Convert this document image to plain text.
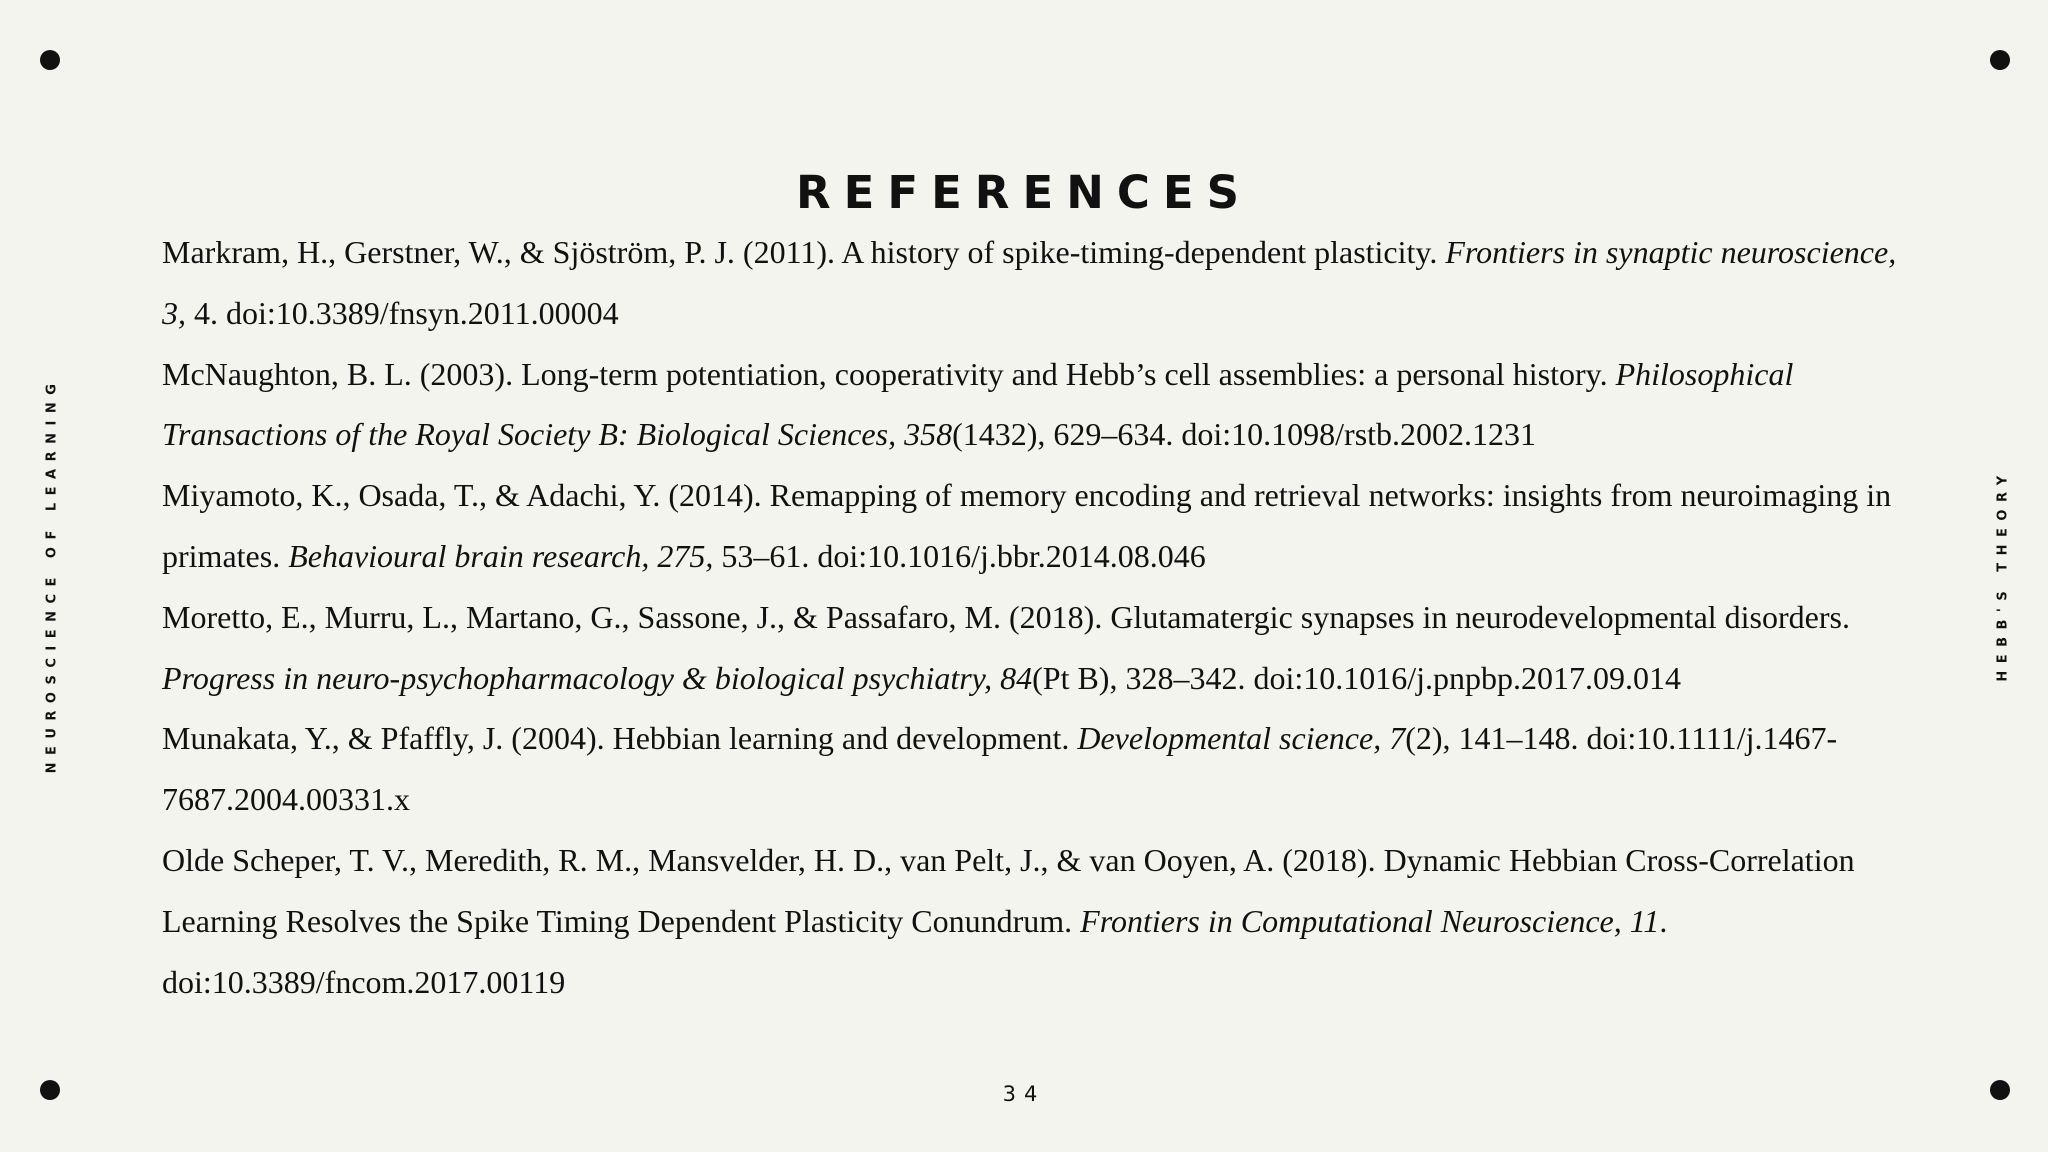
NEUROSCIENCE OF LEARNING	HEBB'S THEORY
REFERENCES

Markram, H., Gerstner, W., & Sjöström, P. J. (2011). A history of spike-timing-dependent plasticity. Frontiers in synaptic neuroscience, 3, 4. doi:10.3389/fnsyn.2011.00004

McNaughton, B. L. (2003). Long-term potentiation, cooperativity and Hebb’s cell assemblies: a personal history. Philosophical Transactions of the Royal Society B: Biological Sciences, 358(1432), 629–634. doi:10.1098/rstb.2002.1231

Miyamoto, K., Osada, T., & Adachi, Y. (2014). Remapping of memory encoding and retrieval networks: insights from neuroimaging in primates. Behavioural brain research, 275, 53–61. doi:10.1016/j.bbr.2014.08.046

Moretto, E., Murru, L., Martano, G., Sassone, J., & Passafaro, M. (2018). Glutamatergic synapses in neurodevelopmental disorders. Progress in neuro-psychopharmacology & biological psychiatry, 84(Pt B), 328–342. doi:10.1016/j.pnpbp.2017.09.014

Munakata, Y., & Pfaffly, J. (2004). Hebbian learning and development. Developmental science, 7(2), 141–148. doi:10.1111/j.1467-7687.2004.00331.x

Olde Scheper, T. V., Meredith, R. M., Mansvelder, H. D., van Pelt, J., & van Ooyen, A. (2018). Dynamic Hebbian Cross-Correlation Learning Resolves the Spike Timing Dependent Plasticity Conundrum. Frontiers in Computational Neuroscience, 11. doi:10.3389/fncom.2017.00119

34
